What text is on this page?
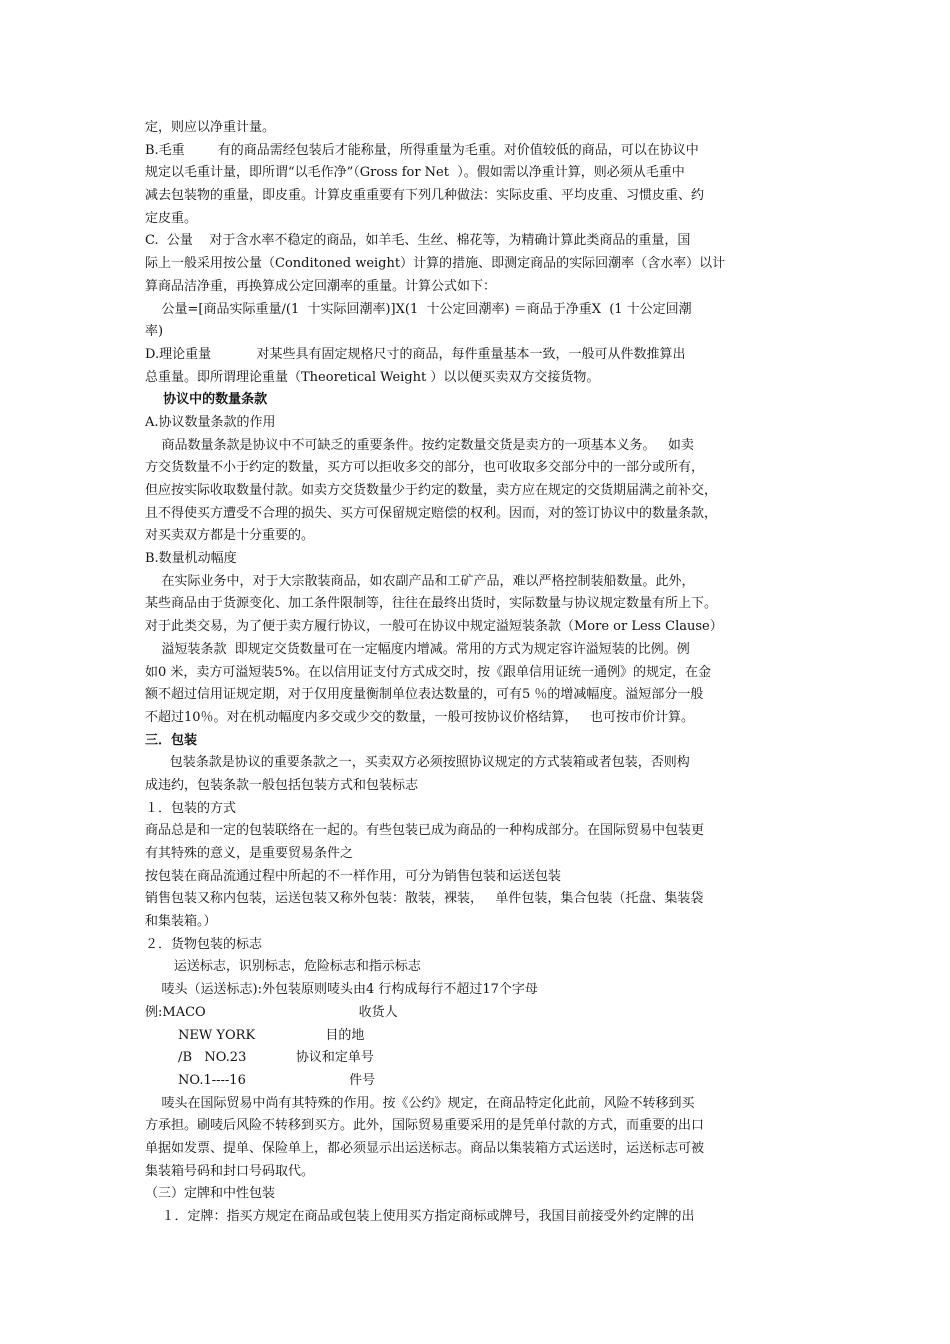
定，则应以净重计量。
B.毛重        有的商品需经包装后才能称量，所得重量为毛重。对价值较低的商品，可以在协议中
规定以毛重计量，即所谓“以毛作净”（Gross for Net  ）。假如需以净重计算，则必须从毛重中
减去包装物的重量，即皮重。计算皮重重要有下列几种做法：实际皮重、平均皮重、习惯皮重、约
定皮重。
C.  公量    对于含水率不稳定的商品，如羊毛、生丝、棉花等，为精确计算此类商品的重量，国
际上一般采用按公量（Conditoned weight）计算的措施、即测定商品的实际回潮率（含水率）以计
算商品洁净重，再换算成公定回潮率的重量。计算公式如下：
公量=[商品实际重量/(1  十实际回潮率)]X(1  十公定回潮率) ＝商品于净重X  (1 十公定回潮
率)
D.理论重量           对某些具有固定规格尺寸的商品，每件重量基本一致，一般可从件数推算出
总重量。即所谓理论重量（Theoretical Weight ）以以便买卖双方交接货物。
协议中的数量条款
A.协议数量条款的作用
商品数量条款是协议中不可缺乏的重要条件。按约定数量交货是卖方的一项基本义务。   如卖
方交货数量不小于约定的数量，买方可以拒收多交的部分，也可收取多交部分中的一部分或所有，
但应按实际收取数量付款。如卖方交货数量少于约定的数量，卖方应在规定的交货期届满之前补交，
且不得使买方遭受不合理的损失、买方可保留规定赔偿的权利。因而，对的签订协议中的数量条款，
对买卖双方都是十分重要的。
B.数量机动幅度
在实际业务中，对于大宗散装商品，如农副产品和工矿产品，难以严格控制装船数量。此外，
某些商品由于货源变化、加工条件限制等，往往在最终出货时，实际数量与协议规定数量有所上下。
对于此类交易，为了便于卖方履行协议，一般可在协议中规定溢短装条款（More or Less Clause）
溢短装条款  即规定交货数量可在一定幅度内增减。常用的方式为规定容许溢短装的比例。例
如0 米，卖方可溢短装5%。在以信用证支付方式成交时，按《跟单信用证统一通例》的规定，在金
额不超过信用证规定期，对于仅用度量衡制单位表达数量的，可有5 ％的增减幅度。溢短部分一般
不超过10％。对在机动幅度内多交或少交的数量，一般可按协议价格结算，   也可按市价计算。
三．包装
包装条款是协议的重要条款之一，买卖双方必须按照协议规定的方式装箱或者包装，否则构
成违约，包装条款一般包括包装方式和包装标志
１．包装的方式
商品总是和一定的包装联络在一起的。有些包装已成为商品的一种构成部分。在国际贸易中包装更
有其特殊的意义，是重要贸易条件之
按包装在商品流通过程中所起的不一样作用，可分为销售包装和运送包装
销售包装又称内包装，运送包装又称外包装：散装，裸装，   单件包装，集合包装（托盘、集装袋
和集装箱。）
２．货物包装的标志
运送标志，识别标志，危险标志和指示标志
唛头（运送标志):外包装原则唛头由4 行构成每行不超过17个字母
例:MACO                                     收货人
NEW YORK                 目的地
/B   NO.23            协议和定单号
NO.1----16                         件号
唛头在国际贸易中尚有其特殊的作用。按《公约》规定，在商品特定化此前，风险不转移到买
方承担。刷唛后风险不转移到买方。此外，国际贸易重要采用的是凭单付款的方式，而重要的出口
单据如发票、提单、保险单上，都必须显示出运送标志。商品以集装箱方式运送时，运送标志可被
集装箱号码和封口号码取代。
（三）定牌和中性包装
１．定牌：指买方规定在商品或包装上使用买方指定商标或牌号，我国目前接受外约定牌的出
